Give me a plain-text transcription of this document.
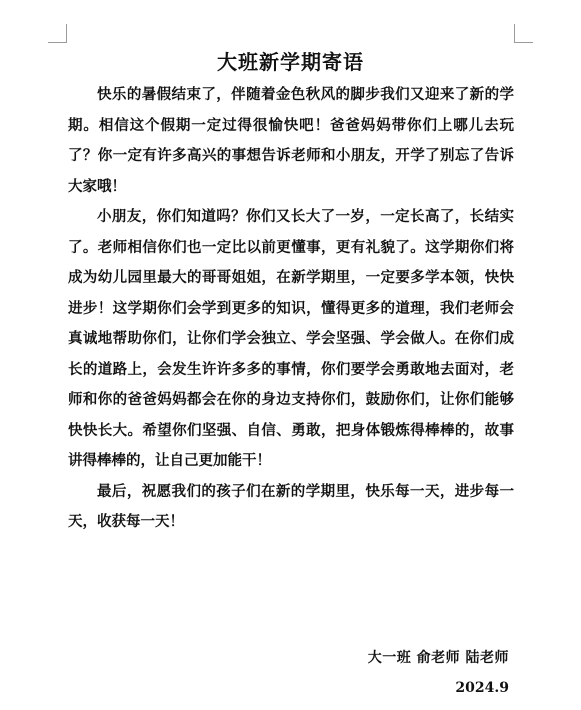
大班新学期寄语

快乐的暑假结束了，伴随着金色秋风的脚步我们又迎来了新的学期。相信这个假期一定过得很愉快吧！爸爸妈妈带你们上哪儿去玩了？你一定有许多高兴的事想告诉老师和小朋友，开学了别忘了告诉大家哦！

小朋友，你们知道吗？你们又长大了一岁，一定长高了，长结实了。老师相信你们也一定比以前更懂事，更有礼貌了。这学期你们将成为幼儿园里最大的哥哥姐姐，在新学期里，一定要多学本领，快快进步！这学期你们会学到更多的知识，懂得更多的道理，我们老师会真诚地帮助你们，让你们学会独立、学会坚强、学会做人。在你们成长的道路上，会发生许许多多的事情，你们要学会勇敢地去面对，老师和你的爸爸妈妈都会在你的身边支持你们，鼓励你们，让你们能够快快长大。希望你们坚强、自信、勇敢，把身体锻炼得棒棒的，故事讲得棒棒的，让自己更加能干！

最后，祝愿我们的孩子们在新的学期里，快乐每一天，进步每一天，收获每一天！

大一班 俞老师 陆老师
2024.9
